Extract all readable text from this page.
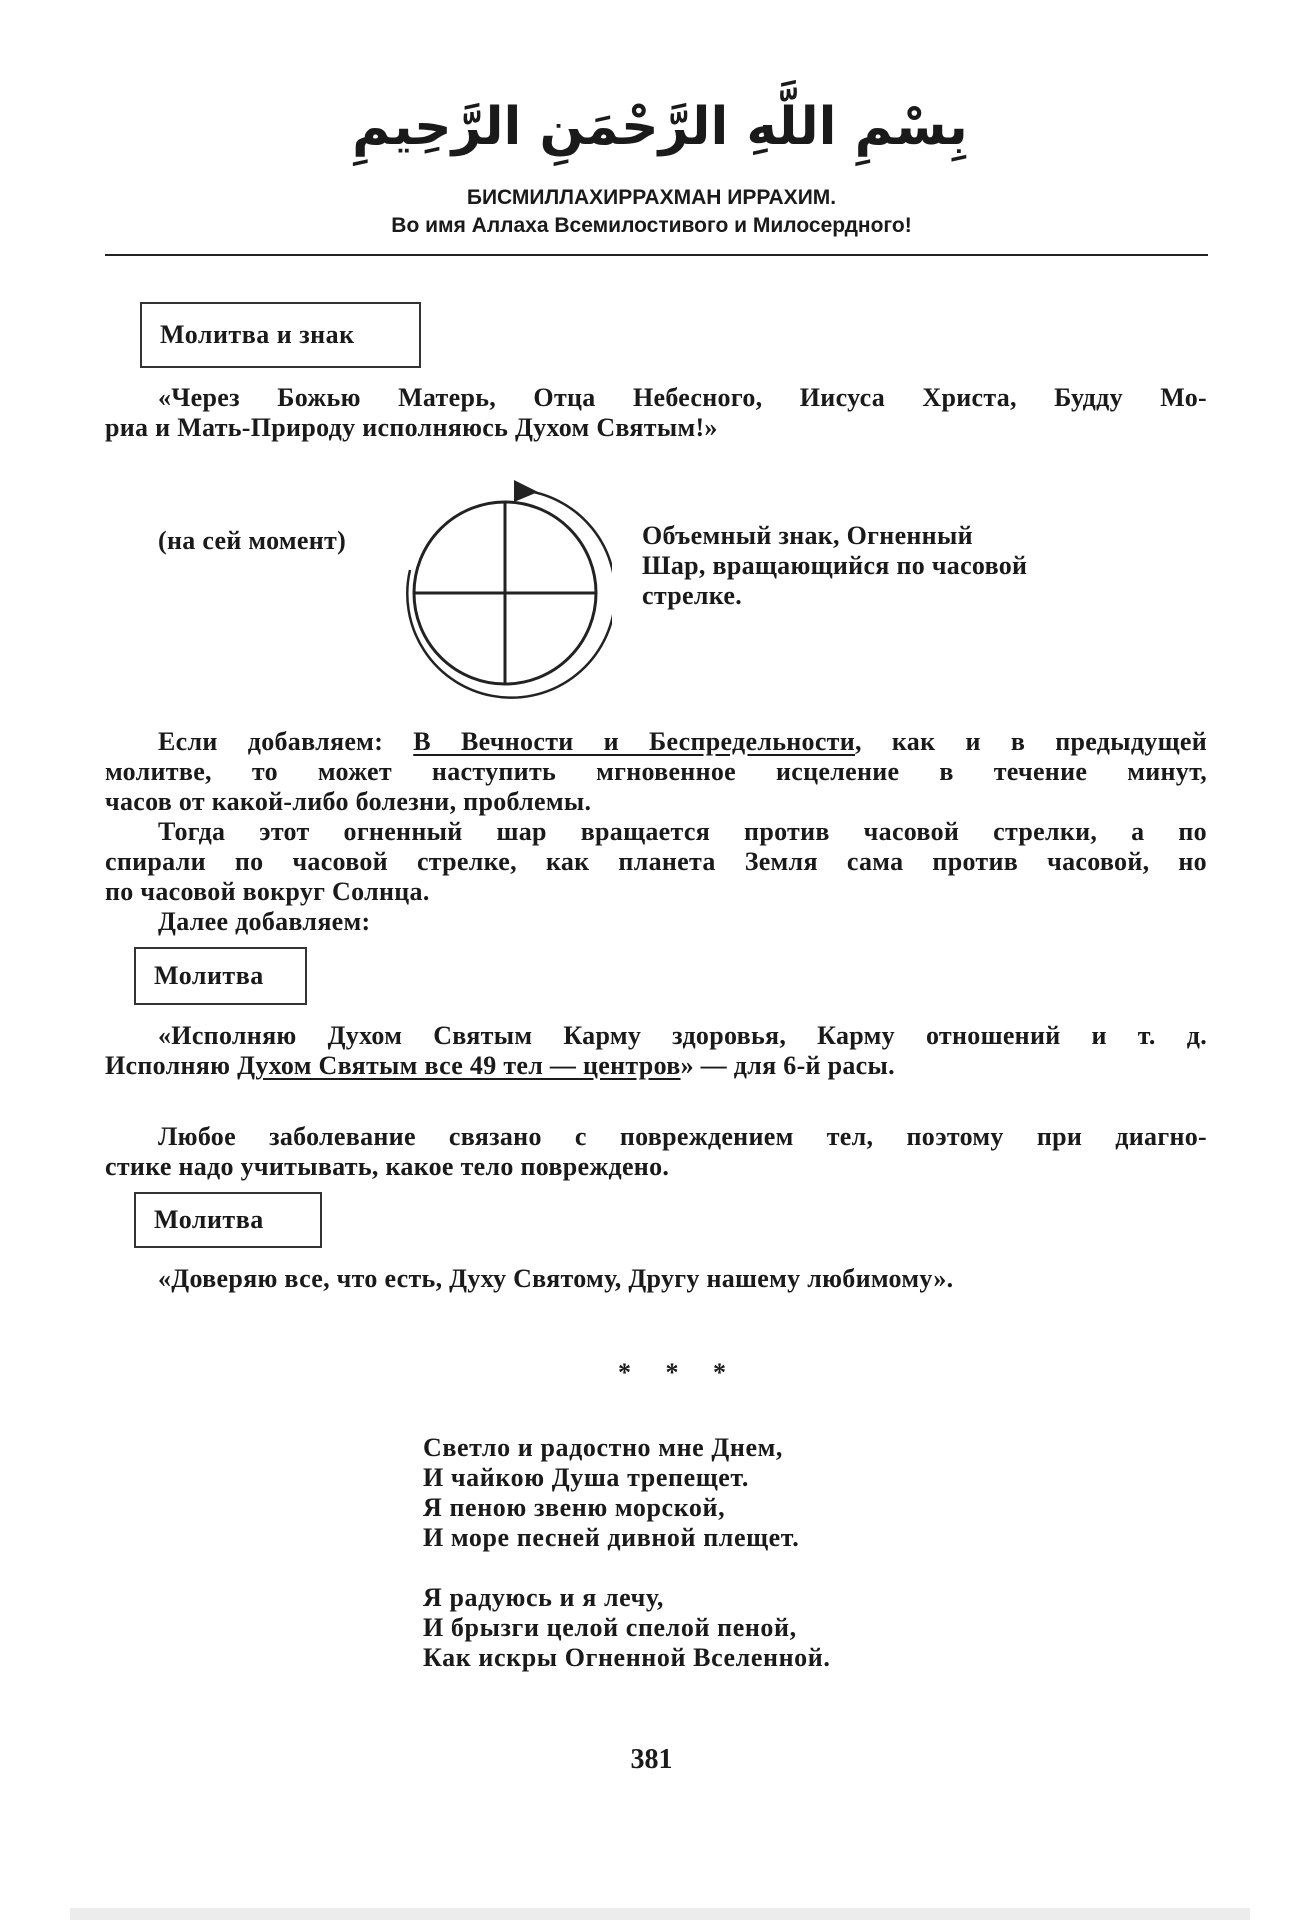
بِسْمِ اللَّهِ الرَّحْمَنِ الرَّحِيمِ
БИСМИЛЛАХИРРАХМАН ИРРАХИМ.
Во имя Аллаха Всемилостивого и Милосердного!
Молитва и знак
«Через Божью Матерь, Отца Небесного, Иисуса Христа, Будду Мо-
риа и Мать-Природу исполняюсь Духом Святым!»
(на сей момент)	Объемный знак, Огненный
Шар, вращающийся по часовой
стрелке.
Если добавляем: В Вечности и Беспредельности, как и в предыдущей
молитве, то может наступить мгновенное исцеление в течение минут,
часов от какой-либо болезни, проблемы.
Тогда этот огненный шар вращается против часовой стрелки, а по
спирали по часовой стрелке, как планета Земля сама против часовой, но
по часовой вокруг Солнца.
Далее добавляем:
Молитва
«Исполняю Духом Святым Карму здоровья, Карму отношений и т. д.
Исполняю Духом Святым все 49 тел — центров» — для 6-й расы.
Любое заболевание связано с повреждением тел, поэтому при диагно-
стике надо учитывать, какое тело повреждено.
Молитва
«Доверяю все, что есть, Духу Святому, Другу нашему любимому».
* * *
Светло и радостно мне Днем,
И чайкою Душа трепещет.
Я пеною звеню морской,
И море песней дивной плещет.
Я радуюсь и я лечу,
И брызги целой спелой пеной,
Как искры Огненной Вселенной.
381
